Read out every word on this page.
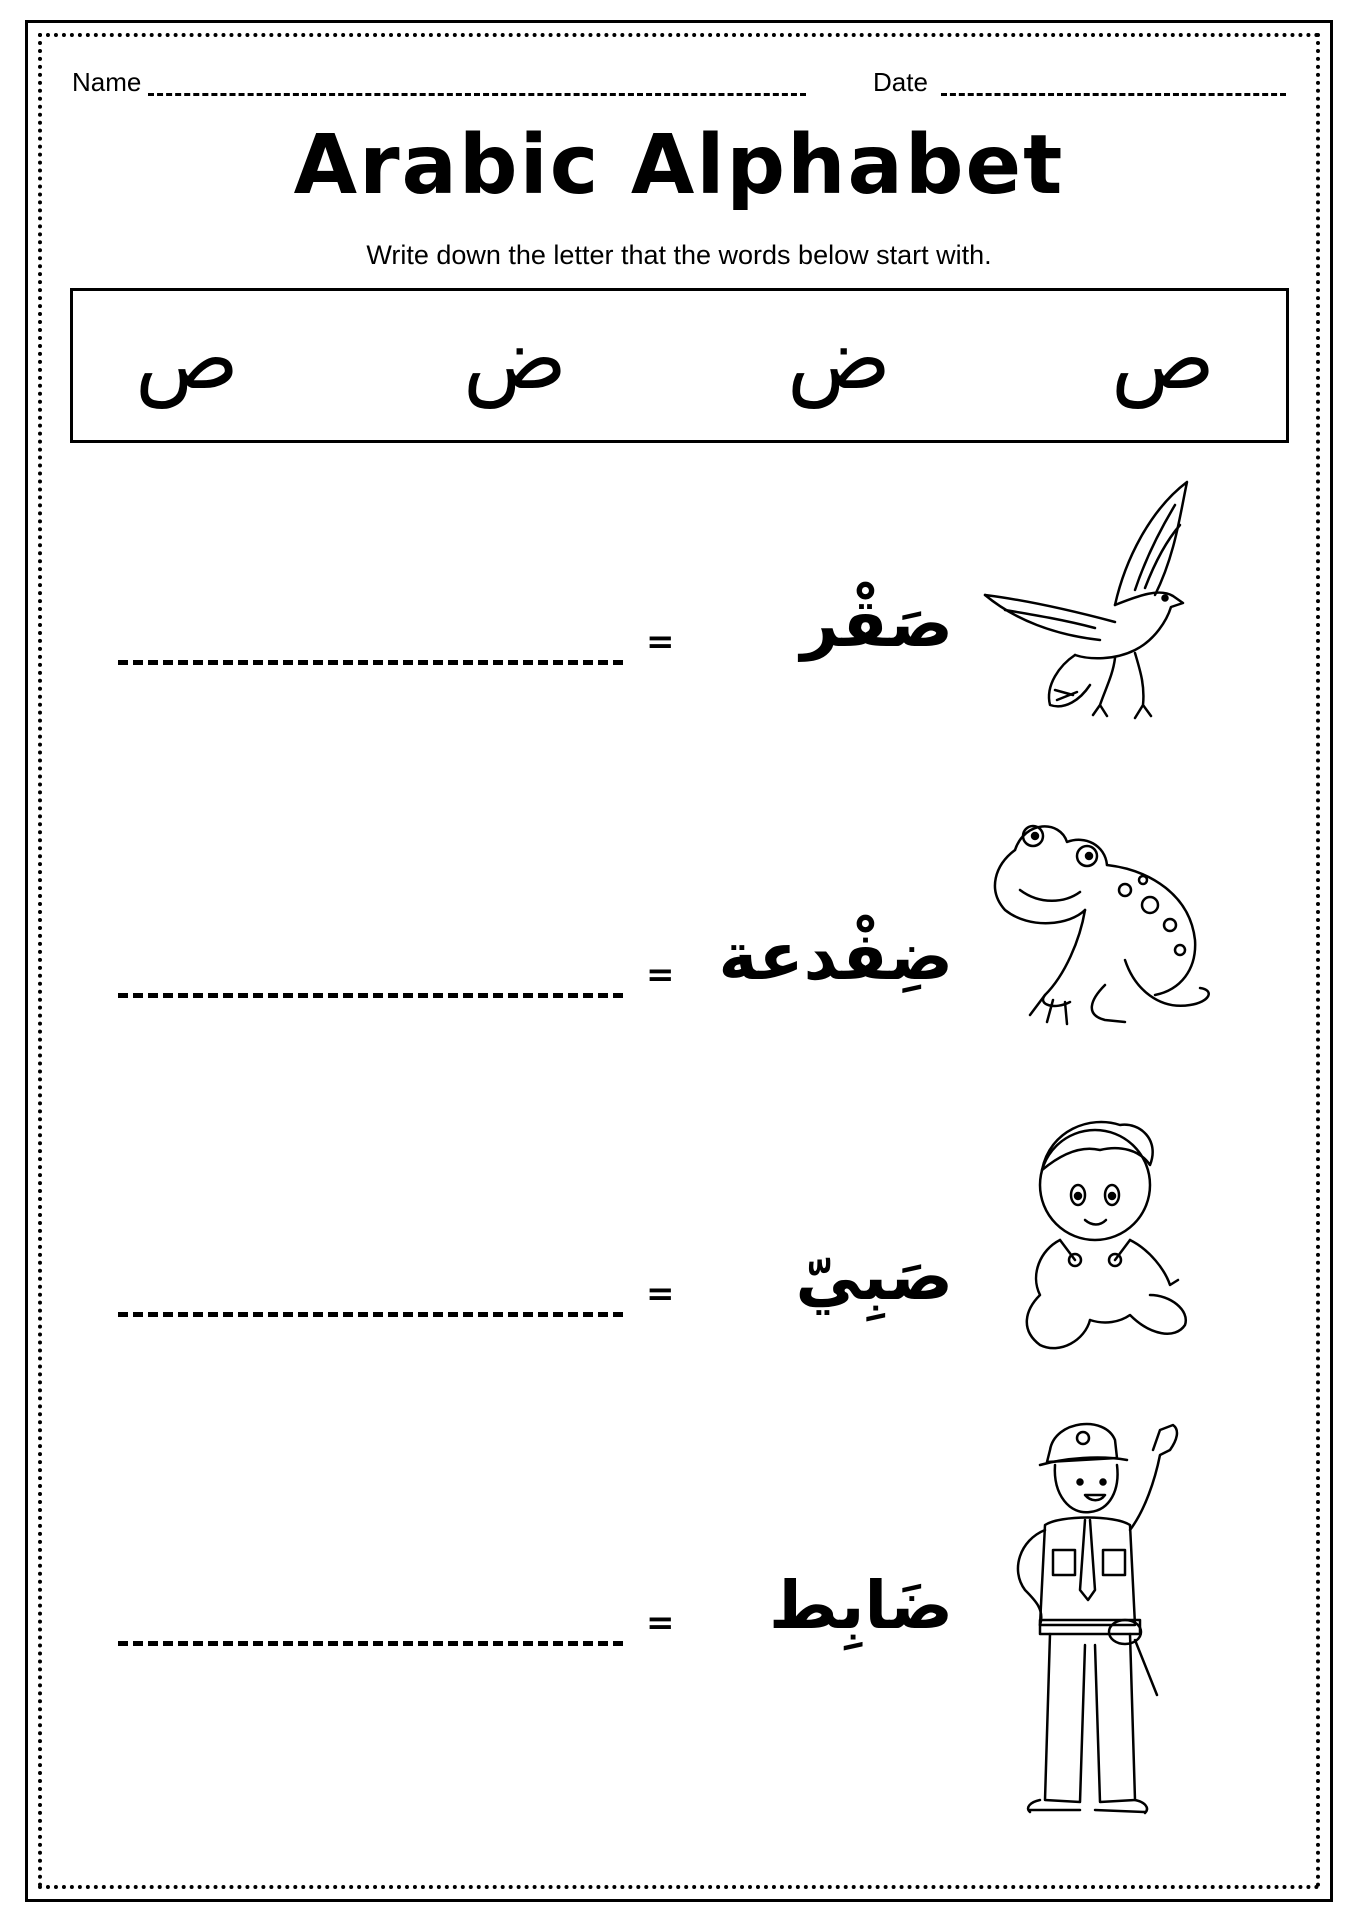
Name	Date
Arabic Alphabet
Write down the letter that the words below start with.
ص	ض	ض	ص
= صَقْر
= ضِفْدعة
= صَبِيّ
= ضَابِط
